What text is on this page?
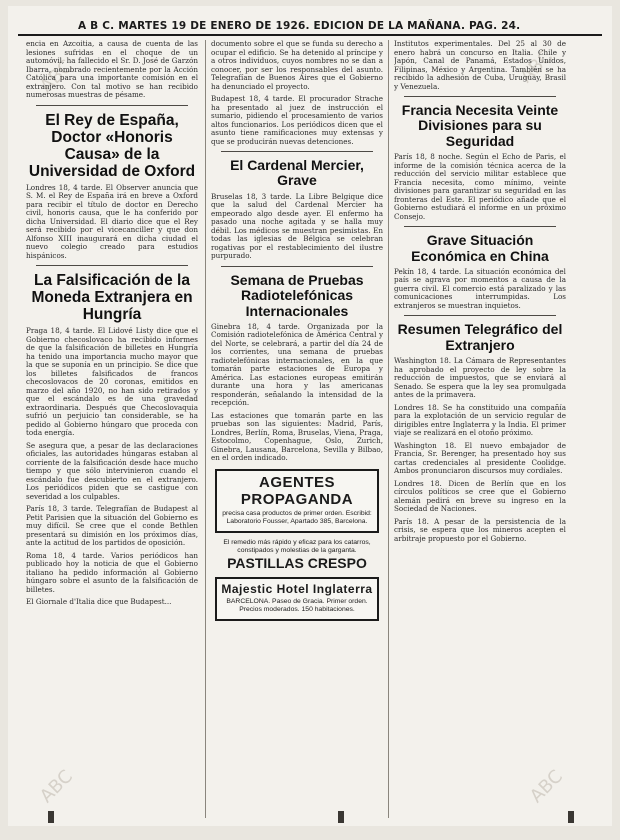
ABC	ABC
ABC	ABC
A B C. MARTES 19 DE ENERO DE 1926. EDICION DE LA MAÑANA. PAG. 24.

encia en Azcoitia, a causa de cuenta de las lesiones sufridas en el choque de un automóvil, ha fallecido el Sr. D. José de Garzón Ibarra, nombrado recientemente por la Acción Católica para una importante comisión en el extranjero. Con tal motivo se han recibido numerosas muestras de pésame.

El Rey de España, Doctor «Honoris Causa» de la Universidad de Oxford

Londres 18, 4 tarde. El Observer anuncia que S. M. el Rey de España irá en breve a Oxford para recibir el título de doctor en Derecho civil, honoris causa, que le ha conferido por dicha Universidad. El diario dice que el Rey será recibido por el vicecanciller y que don Alfonso XIII inaugurará en dicha ciudad el nuevo colegio creado para estudios hispánicos.

La Falsificación de la Moneda Extranjera en Hungría

Praga 18, 4 tarde. El Lidové Listy dice que el Gobierno checoslovaco ha recibido informes de que la falsificación de billetes en Hungría ha tenido una importancia mucho mayor que la que se suponía en un principio. Se dice que los billetes falsificados de francos checoslovacos de 20 coronas, emitidos en marzo del año 1920, no han sido retirados y que el escándalo es de una gravedad extraordinaria. Después que Checoslovaquia sufrió un perjuicio tan considerable, se ha pedido al Gobierno húngaro que proceda con toda energía.

Se asegura que, a pesar de las declaraciones oficiales, las autoridades húngaras estaban al corriente de la falsificación desde hace mucho tiempo y que sólo intervinieron cuando el escándalo fue descubierto en el extranjero. Los periódicos piden que se castigue con severidad a los culpables.

París 18, 3 tarde. Telegrafían de Budapest al Petit Parisien que la situación del Gobierno es muy difícil. Se cree que el conde Bethlen presentará su dimisión en los próximos días, ante la actitud de los partidos de oposición.

Roma 18, 4 tarde. Varios periódicos han publicado hoy la noticia de que el Gobierno italiano ha pedido información al Gobierno húngaro sobre el asunto de la falsificación de billetes.

El Giornale d'Italia dice que Budapest...

documento sobre el que se funda su derecho a ocupar el edificio. Se ha detenido al príncipe y a otros individuos, cuyos nombres no se dan a conocer, por ser los responsables del asunto. Telegrafían de Buenos Aires que el Gobierno ha denunciado el proyecto.

Budapest 18, 4 tarde. El procurador Strache ha presentado al juez de instrucción el sumario, pidiendo el procesamiento de varios altos funcionarios. Los periódicos dicen que el asunto tiene ramificaciones muy extensas y que se producirán nuevas detenciones.

El Cardenal Mercier, Grave

Bruselas 18, 3 tarde. La Libre Belgique dice que la salud del Cardenal Mercier ha empeorado algo desde ayer. El enfermo ha pasado una noche agitada y se halla muy débil. Los médicos se muestran pesimistas. En todas las iglesias de Bélgica se celebran rogativas por el restablecimiento del ilustre purpurado.

Semana de Pruebas Radiotelefónicas Internacionales

Ginebra 18, 4 tarde. Organizada por la Comisión radiotelefónica de América Central y del Norte, se celebrará, a partir del día 24 de los corrientes, una semana de pruebas radiotelefónicas internacionales, en la que tomarán parte estaciones de Europa y América. Las estaciones europeas emitirán durante una hora y las americanas responderán, señalando la intensidad de la recepción.

Las estaciones que tomarán parte en las pruebas son las siguientes: Madrid, París, Londres, Berlín, Roma, Bruselas, Viena, Praga, Estocolmo, Copenhague, Oslo, Zurich, Ginebra, Lausana, Barcelona, Sevilla y Bilbao, en el orden indicado.

AGENTES PROPAGANDA
precisa casa productos de primer orden. Escribid: Laboratorio Fousser, Apartado 385, Barcelona.
El remedio más rápido y eficaz para los catarros, constipados y molestias de la garganta.
PASTILLAS CRESPO
Majestic Hotel Inglaterra
BARCELONA. Paseo de Gracia. Primer orden. Precios moderados. 150 habitaciones.

Institutos experimentales. Del 25 al 30 de enero habrá un concurso en Italia. Chile y Japón, Canal de Panamá, Estados Unidos, Filipinas, México y Argentina. También se ha recibido la adhesión de Cuba, Uruguay, Brasil y Venezuela.

Francia Necesita Veinte Divisiones para su Seguridad

París 18, 8 noche. Según el Echo de Paris, el informe de la comisión técnica acerca de la reducción del servicio militar establece que Francia necesita, como mínimo, veinte divisiones para garantizar su seguridad en las fronteras del Este. El periódico añade que el Gobierno estudiará el informe en un próximo Consejo.

Grave Situación Económica en China

Pekín 18, 4 tarde. La situación económica del país se agrava por momentos a causa de la guerra civil. El comercio está paralizado y las comunicaciones interrumpidas. Los extranjeros se muestran inquietos.

Resumen Telegráfico del Extranjero

Washington 18. La Cámara de Representantes ha aprobado el proyecto de ley sobre la reducción de impuestos, que se enviará al Senado. Se espera que la ley sea promulgada antes de la primavera.

Londres 18. Se ha constituido una compañía para la explotación de un servicio regular de dirigibles entre Inglaterra y la India. El primer viaje se realizará en el otoño próximo.

Washington 18. El nuevo embajador de Francia, Sr. Berenger, ha presentado hoy sus cartas credenciales al presidente Coolidge. Ambos pronunciaron discursos muy cordiales.

Londres 18. Dicen de Berlín que en los círculos políticos se cree que el Gobierno alemán pedirá en breve su ingreso en la Sociedad de Naciones.

París 18. A pesar de la persistencia de la crisis, se espera que los mineros acepten el arbitraje propuesto por el Gobierno.
